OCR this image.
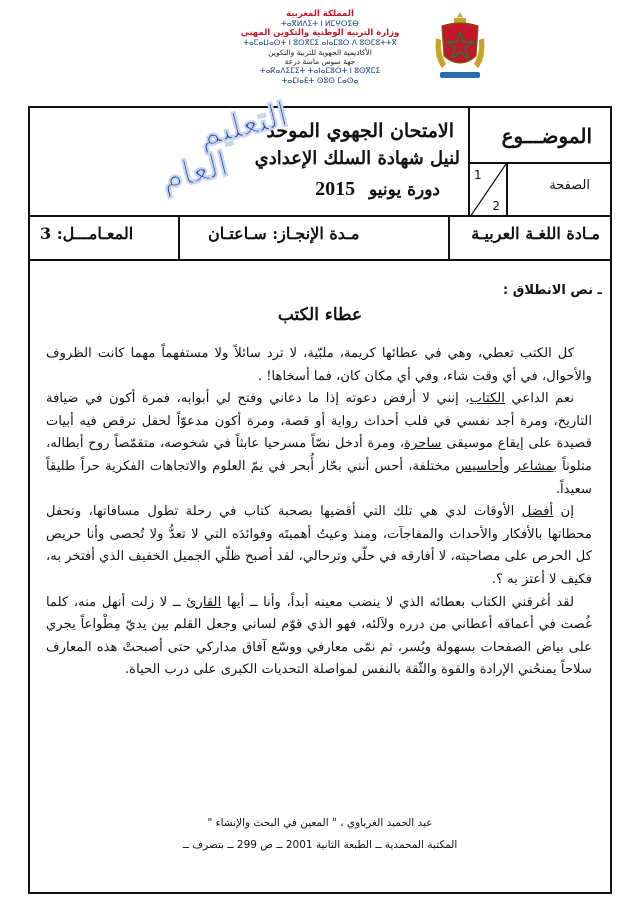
المملكة المغربية
ⵜⴰⴳⵍⴷⵉⵜ ⵏ ⵍⵎⵖⵔⵉⴱ
وزارة التربية الوطنية والتكوين المهني
ⵜⴰⵎⴰⵡⴰⵙⵜ ⵏ ⵓⵙⴳⵎⵉ ⴰⵏⴰⵎⵓⵔ ⴷ ⵓⵙⵎⵓⵜⵜⴳ
الأكاديمية الجهوية للتربية والتكوين
جهة سوس ماسة درعة
ⵜⴰⴽⴰⴷⵉⵎⵉⵜ ⵜⴰⵏⴰⵎⵓⵔⵜ ⵏ ⵓⵙⴳⵎⵉ
ⵜⴰⵎⵏⴰⴹⵜ ⵙⵓⵙ ⵎⴰⵙⴰ
الموضـــوع
الصفحة
1
2
الامتحان الجهوي الموحد
لنيل شهادة السلك الإعدادي
دورة يونيو 2015
التعليم
العام
مـادة اللغـة العربيـة
مـدة الإنجـاز: سـاعتـان
المعـامـــل: 3
ـ نص الانطلاق :
عطاء الكتب

كل الكتب تعطي، وهي في عطائها كريمة، ملبّية، لا ترد سائلاً ولا مستفهماً مهما كانت الظروف والأحوال، في أي وقت شاء، وفي أي مكان كان، فما أسخاها! .

نعم الداعي الكتاب، إنني لا أرفض دعوته إذا ما دعاني وفتح لي أبوابه، فمرة أكون في ضيافة التاريخ، ومرة أجد نفسي في قلب أحداث رواية أو قصة، ومرة أكون مدعوّاً لحفل ترقص فيه أبيات قصيدة على إيقاع موسيقى ساحرة، ومرة أدخل نصّاً مسرحيا عابثاً في شخوصه، متقمّصاً روح أبطاله، متلوناً بمشاعر وأحاسيس مختلفة، أحس أنني بحّار أُبحر في يمّ العلوم والاتجاهات الفكرية حراً طليقاً سعيداً.

إن أفضل الأوقات لدي هي تلك التي أقضيها بصحبة كتاب في رحلة تطول مسافاتها، وتحفل محطاتها بالأفكار والأحداث والمفاجآت، ومنذ وعيتُ أهميتَه وفوائدَه التي لا تعدُّ ولا تُحصى وأنا حريص كل الحرص على مصاحبته، لا أفارقه في حلّي وترحالي، لقد أصبح ظلّي الجميل الخفيف الذي أفتخر به، فكيف لا أعتز به ؟.

لقد أغرقني الكتاب بعطائه الذي لا ينضب معينه أبداً، وأنا ــ أيها القارئ ــ لا زلت أنهل منه، كلما غُصت في أعماقه أعطاني من درره ولآلئه، فهو الذي قوّم لساني وجعل القلم بين يديّ مِطْواعاً يجري على بياض الصفحات بسهولة ويُسر، ثم نمّى معارفي ووسّع آفاق مداركي حتى أصبحتْ هذه المعارف سلاحاً يمنحُني الإرادة والقوة والثّقة بالنفس لمواصلة التحديات الكبرى على درب الحياة.

عبد الحميد الغرباوي ، " المعين في البحث والإنشاء "
المكتبة المحمدية ــ الطبعة الثانية 2001 ــ ص 299 ــ بتصرف ــ
